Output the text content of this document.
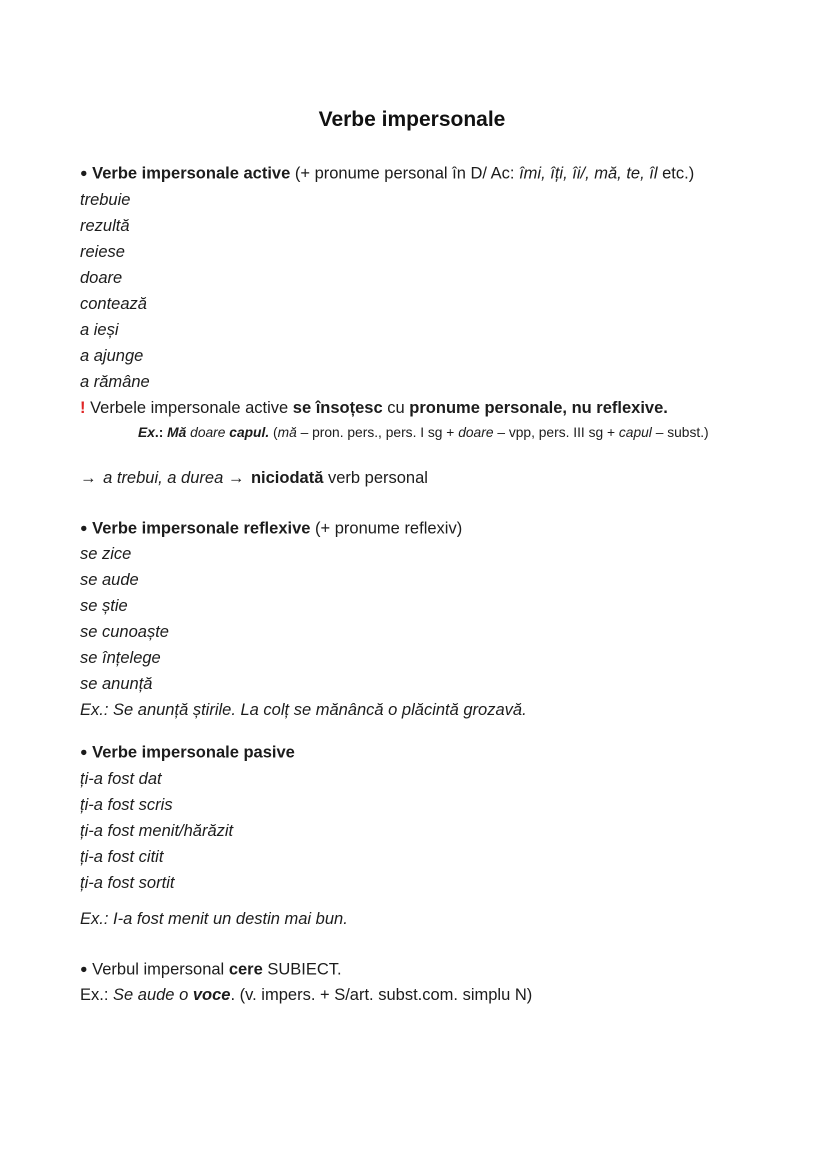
Verbe impersonale

● Verbe impersonale active (+ pronume personal în D/ Ac: îmi, îți, îi/, mă, te, îl etc.)

trebuie

rezultă

reiese

doare

contează

a ieși

a ajunge

a rămâne

! Verbele impersonale active se însoțesc cu pronume personale, nu reflexive.

Ex.: Mă doare capul. (mă – pron. pers., pers. I sg + doare – vpp, pers. III sg + capul – subst.)

→ a trebui, a durea → niciodată verb personal

● Verbe impersonale reflexive (+ pronume reflexiv)

se zice

se aude

se știe

se cunoaște

se înțelege

se anunță

Ex.: Se anunță știrile. La colț se mănâncă o plăcintă grozavă.

● Verbe impersonale pasive

ți-a fost dat

ți-a fost scris

ți-a fost menit/hărăzit

ți-a fost citit

ți-a fost sortit

Ex.: I-a fost menit un destin mai bun.

● Verbul impersonal cere SUBIECT.

Ex.: Se aude o voce. (v. impers. + S/art. subst.com. simplu N)
